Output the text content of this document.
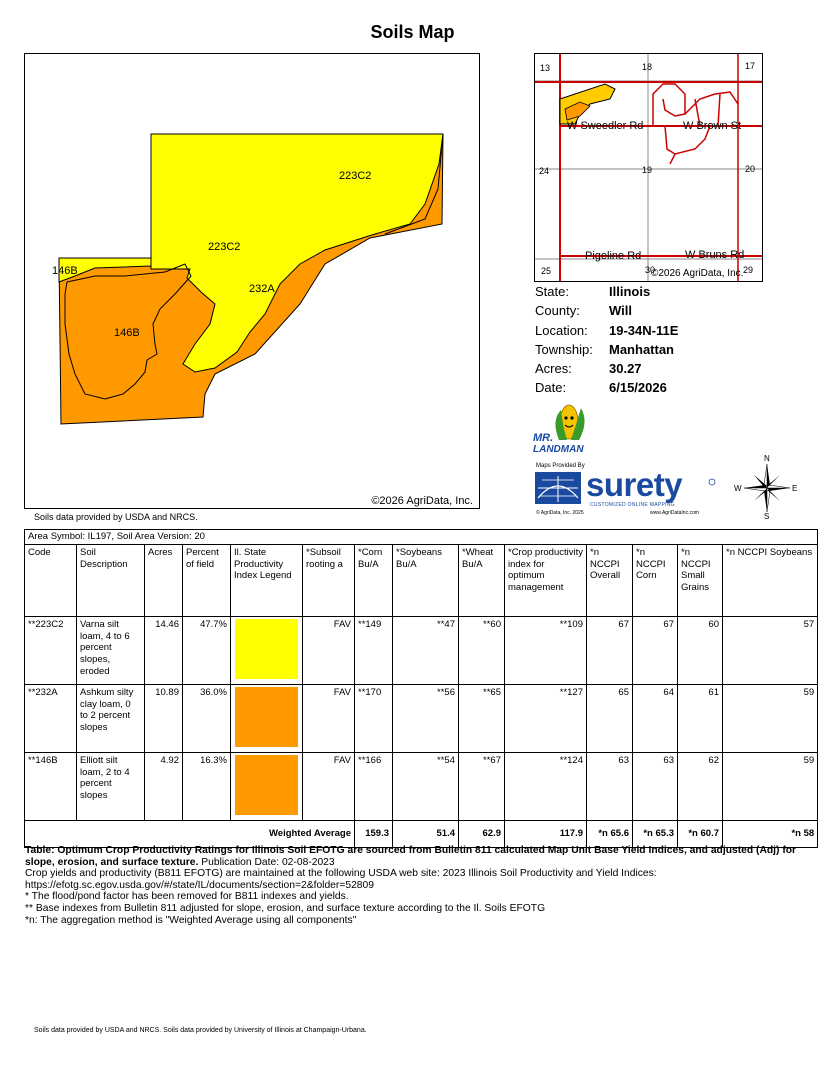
Soils Map
223C2
223C2
146B
232A
146B
©2026 AgriData, Inc.
Soils data provided by USDA and NRCS.
13	18	17
W Sweedler Rd	W Brown St
24	19	20
Pigeline Rd	W Bruns Rd
25	30	29
©2026 AgriData, Inc.
State:	Illinois
County:	Will
Location:	19-34N-11E
Township:	Manhattan
Acres:	30.27
Date:	6/15/2026
MR.
LANDMAN
Maps Provided By surety
CUSTOMIZED ONLINE MAPPING
© AgriData, Inc. 2025	www.AgriDataInc.com
N
S
E
W
Area Symbol: IL197, Soil Area Version: 20													
Code	Soil Description	Acres	Percent of field	Il. State Productivity Index Legend	*Subsoil rooting a	*Corn Bu/A	*Soybeans Bu/A	*Wheat Bu/A	*Crop productivity index for optimum management	*n NCCPI Overall	*n NCCPI Corn	*n NCCPI Small Grains	*n NCCPI Soybeans
**223C2	Varna silt loam, 4 to 6 percent slopes, eroded	14.46	47.7%		FAV	**149	**47	**60	**109	67	67	60	57
**232A	Ashkum silty clay loam, 0 to 2 percent slopes	10.89	36.0%		FAV	**170	**56	**65	**127	65	64	61	59
**146B	Elliott silt loam, 2 to 4 percent slopes	4.92	16.3%		FAV	**166	**54	**67	**124	63	63	62	59
Weighted Average						159.3	51.4	62.9	117.9	*n 65.6	*n 65.3	*n 60.7	*n 58
Table: Optimum Crop Productivity Ratings for Illinois Soil EFOTG are sourced from Bulletin 811 calculated Map Unit Base Yield Indices, and adjusted (Adj) for slope, erosion, and surface texture. Publication Date: 02-08-2023
Crop yields and productivity (B811 EFOTG) are maintained at the following USDA web site: 2023 Illinois Soil Productivity and Yield Indices:
https://efotg.sc.egov.usda.gov/#/state/IL/documents/section=2&folder=52809
* The flood/pond factor has been removed for B811 indexes and yields.
** Base indexes from Bulletin 811 adjusted for slope, erosion, and surface texture according to the Il. Soils EFOTG
*n: The aggregation method is "Weighted Average using all components"
Soils data provided by USDA and NRCS. Soils data provided by University of Illinois at Champaign-Urbana.
